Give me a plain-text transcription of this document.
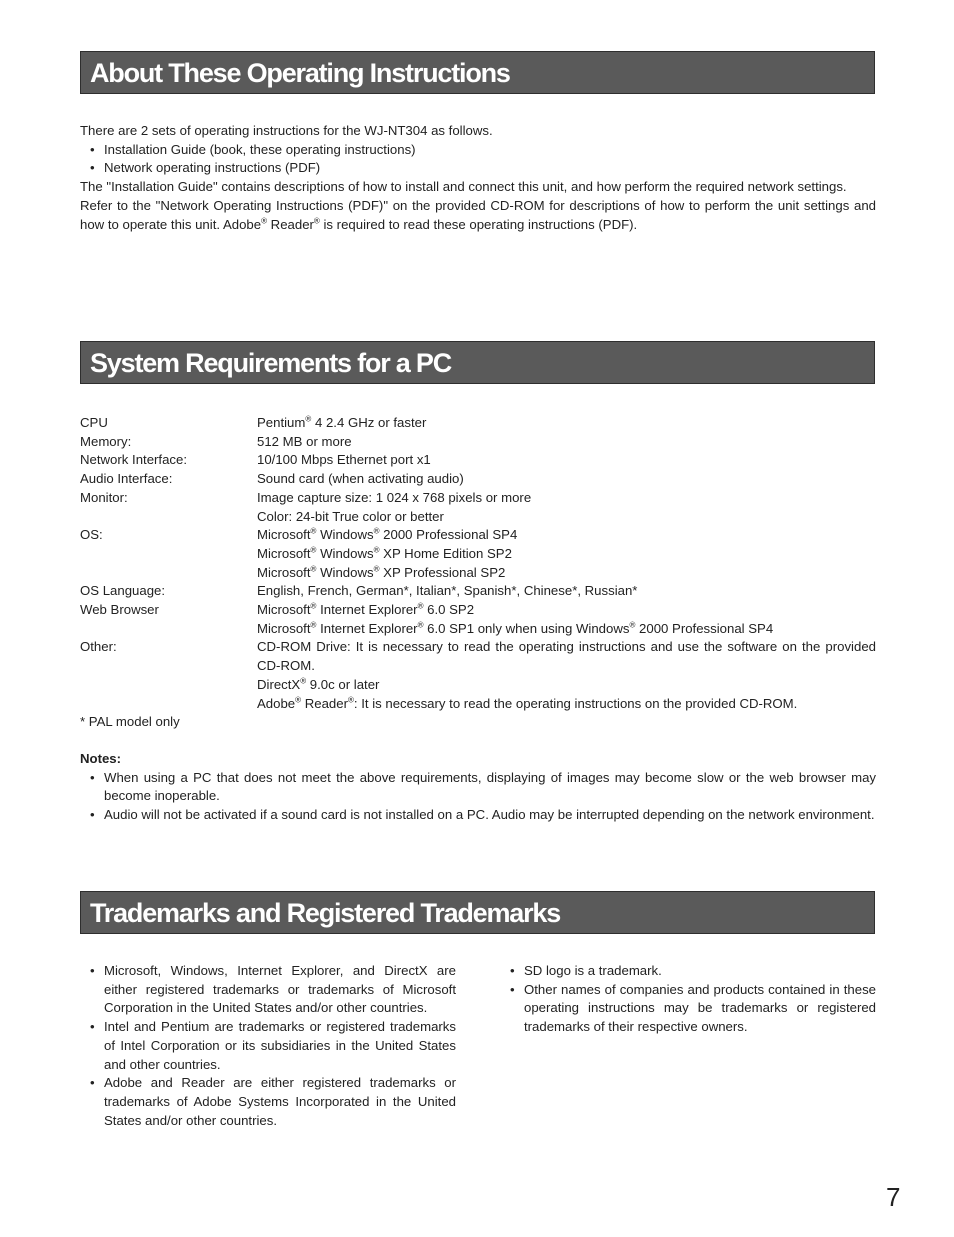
About These Operating Instructions

There are 2 sets of operating instructions for the WJ-NT304 as follows.

• Installation Guide (book, these operating instructions)

• Network operating instructions (PDF)

The "Installation Guide" contains descriptions of how to install and connect this unit, and how perform the required network settings.

Refer to the "Network Operating Instructions (PDF)" on the provided CD-ROM for descriptions of how to perform the unit settings and how to operate this unit. Adobe® Reader® is required to read these operating instructions (PDF).

System Requirements for a PC
CPU	Pentium® 4 2.4 GHz or faster
Memory:	512 MB or more
Network Interface:	10/100 Mbps Ethernet port x1
Audio Interface:	Sound card (when activating audio)
Monitor:	Image capture size: 1 024 x 768 pixels or more
Color: 24-bit True color or better
OS:	Microsoft® Windows® 2000 Professional SP4
Microsoft® Windows® XP Home Edition SP2
Microsoft® Windows® XP Professional SP2
OS Language:	English, French, German*, Italian*, Spanish*, Chinese*, Russian*
Web Browser	Microsoft® Internet Explorer® 6.0 SP2
Microsoft® Internet Explorer® 6.0 SP1 only when using Windows® 2000 Professional SP4
Other:	CD-ROM Drive: It is necessary to read the operating instructions and use the software on the provided CD-ROM.
DirectX® 9.0c or later
Adobe® Reader®: It is necessary to read the operating instructions on the provided CD-ROM.
* PAL model only

Notes:

• When using a PC that does not meet the above requirements, displaying of images may become slow or the web browser may become inoperable.

• Audio will not be activated if a sound card is not installed on a PC. Audio may be interrupted depending on the network environment.

Trademarks and Registered Trademarks

• Microsoft, Windows, Internet Explorer, and DirectX are either registered trademarks or trademarks of Microsoft Corporation in the United States and/or other countries.

• Intel and Pentium are trademarks or registered trademarks of Intel Corporation or its subsidiaries in the United States and other countries.

• Adobe and Reader are either registered trademarks or trademarks of Adobe Systems Incorporated in the United States and/or other countries.

• SD logo is a trademark.

• Other names of companies and products contained in these operating instructions may be trademarks or registered trademarks of their respective owners.

7
